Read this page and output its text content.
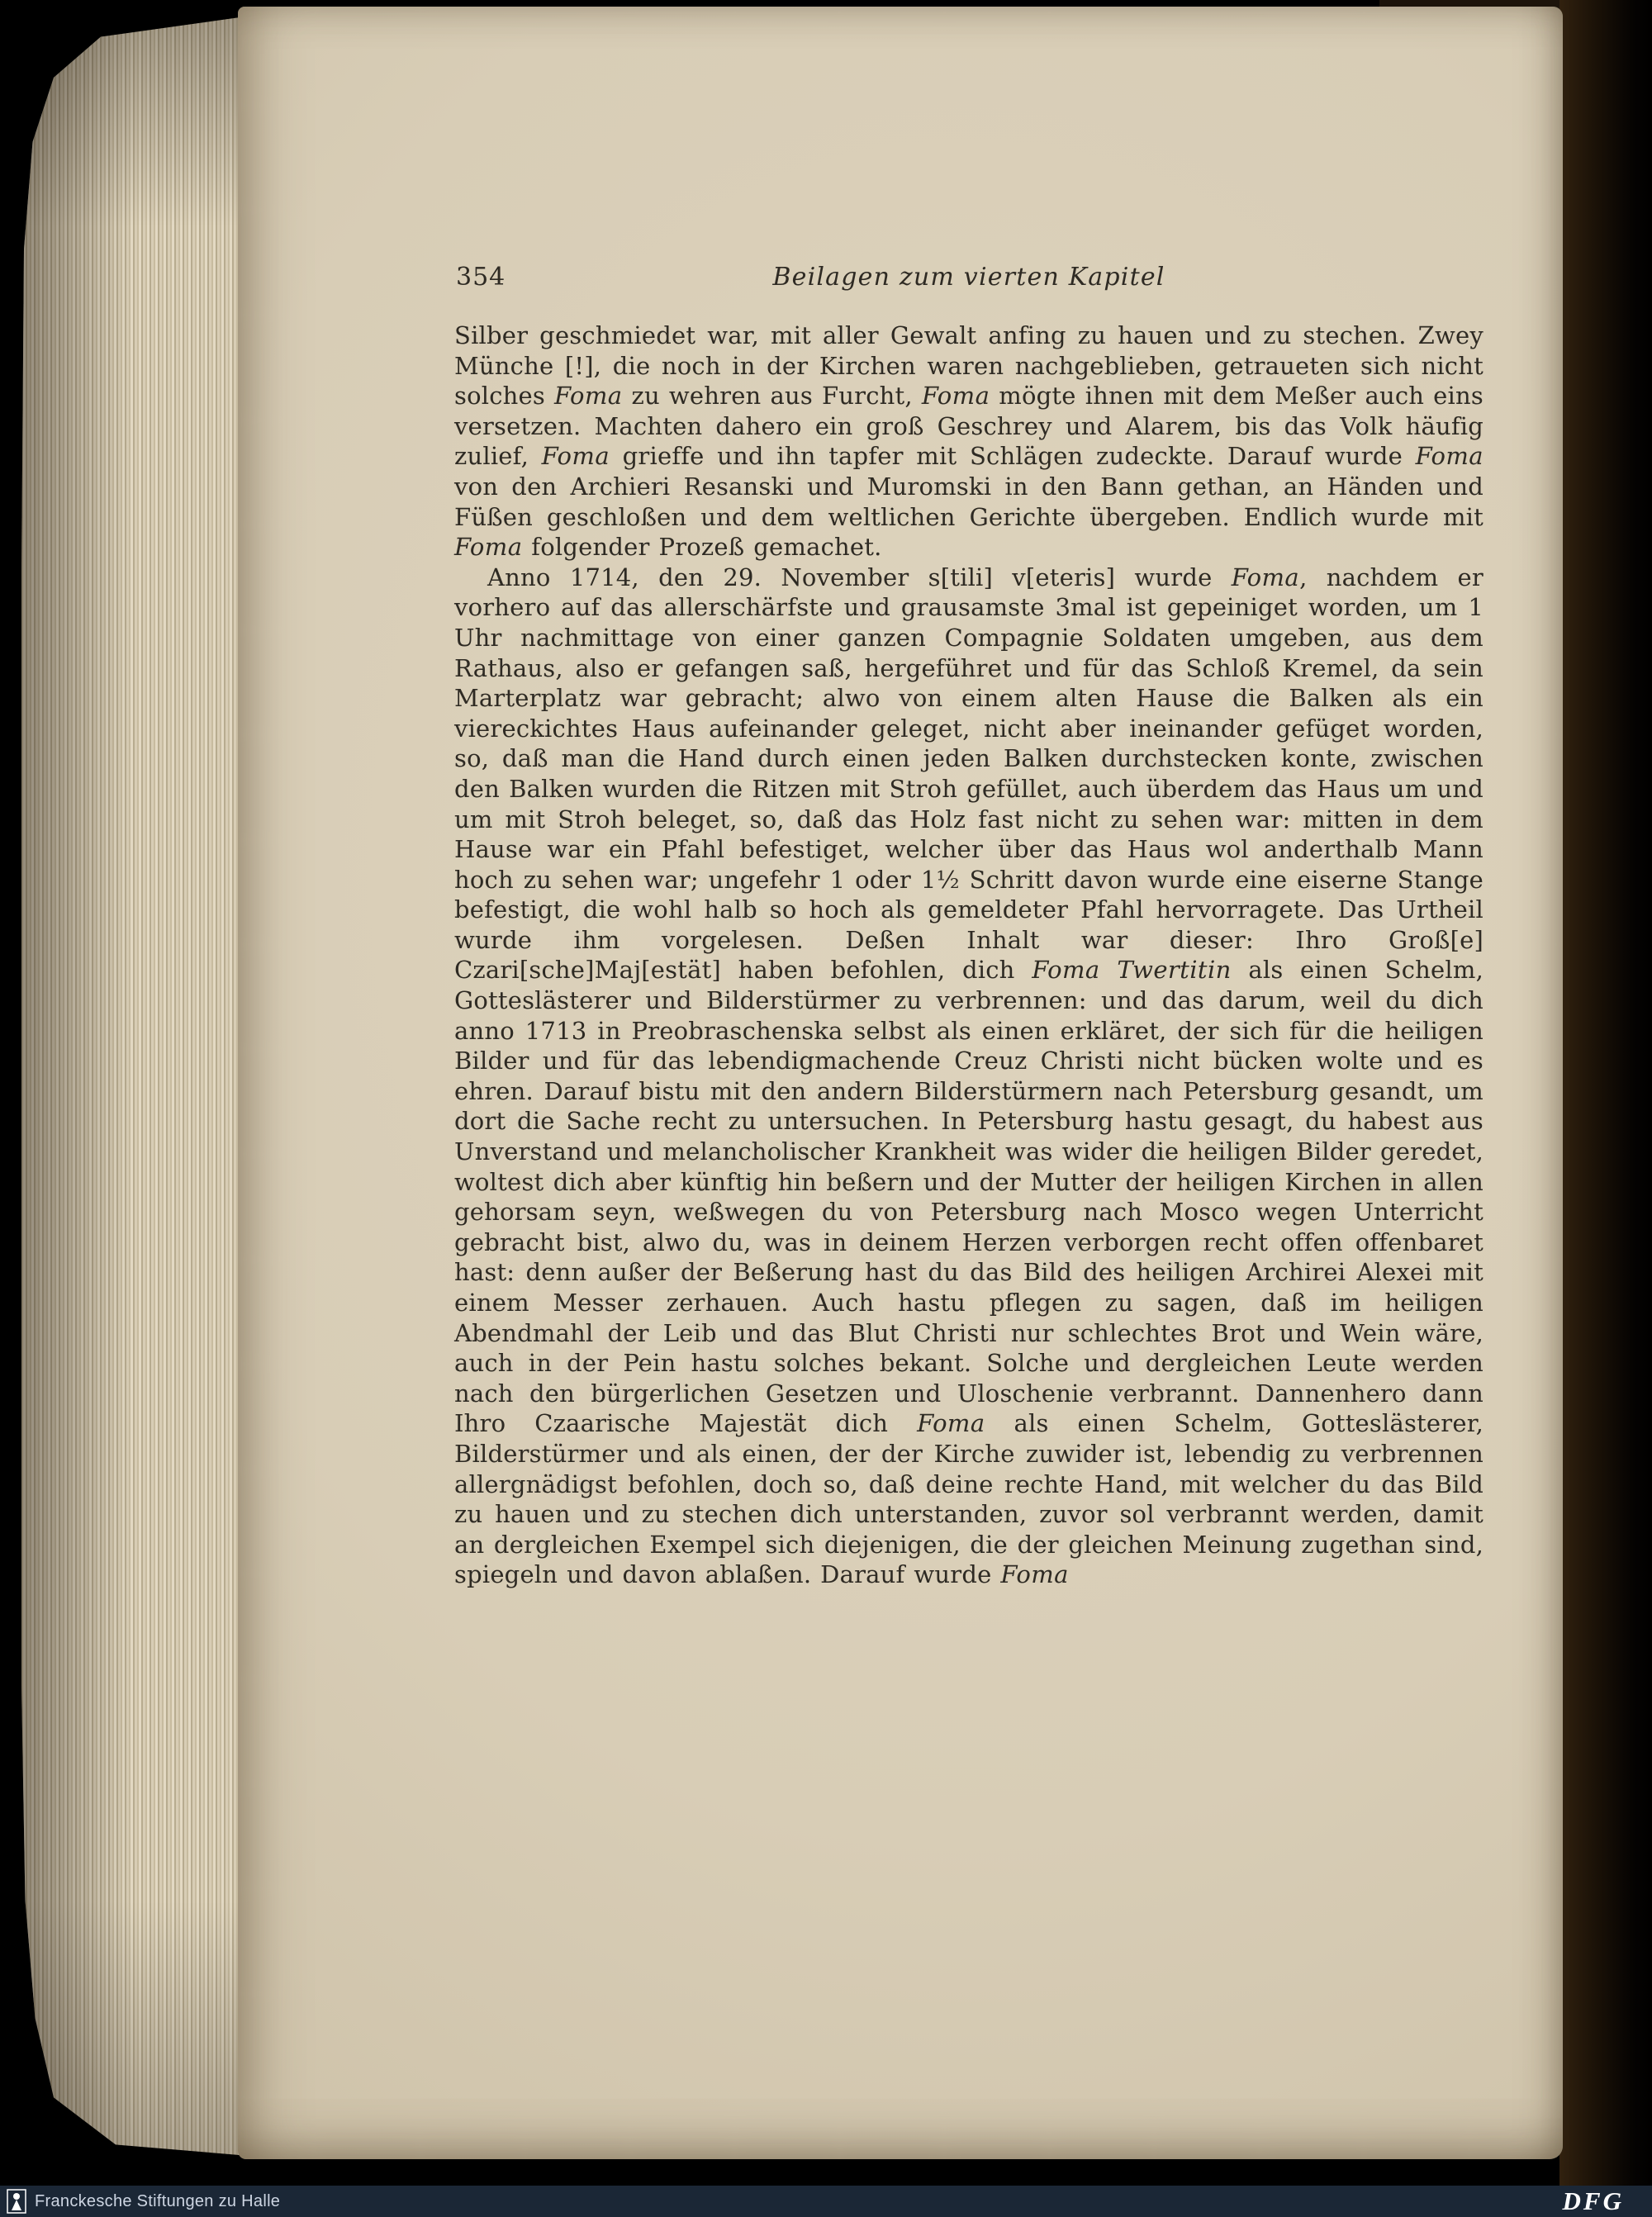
354	Beilagen zum vierten Kapitel

Silber geschmiedet war, mit aller Gewalt anfing zu hauen und zu stechen. Zwey Münche [!], die noch in der Kirchen waren nachgeblieben, getraueten sich nicht solches Foma zu wehren aus Furcht, Foma mögte ihnen mit dem Meßer auch eins versetzen. Machten dahero ein groß Geschrey und Alarem, bis das Volk häufig zulief, Foma grieffe und ihn tapfer mit Schlägen zudeckte. Darauf wurde Foma von den Archieri Resanski und Muromski in den Bann gethan, an Händen und Füßen geschloßen und dem weltlichen Gerichte übergeben. Endlich wurde mit Foma folgender Prozeß gemachet.

Anno 1714, den 29. November s[tili] v[eteris] wurde Foma, nachdem er vorhero auf das allerschärfste und grausamste 3mal ist gepeiniget worden, um 1 Uhr nachmittage von einer ganzen Compagnie Soldaten umgeben, aus dem Rathaus, also er gefangen saß, hergeführet und für das Schloß Kremel, da sein Marterplatz war gebracht; alwo von einem alten Hause die Balken als ein viereckichtes Haus aufeinander geleget, nicht aber ineinander gefüget worden, so, daß man die Hand durch einen jeden Balken durchstecken konte, zwischen den Balken wurden die Ritzen mit Stroh gefüllet, auch überdem das Haus um und um mit Stroh beleget, so, daß das Holz fast nicht zu sehen war: mitten in dem Hause war ein Pfahl befestiget, welcher über das Haus wol anderthalb Mann hoch zu sehen war; ungefehr 1 oder 1½ Schritt davon wurde eine eiserne Stange befestigt, die wohl halb so hoch als gemeldeter Pfahl hervorragete. Das Urtheil wurde ihm vorgelesen. Deßen Inhalt war dieser: Ihro Groß[e] Czari[sche]Maj[estät] haben befohlen, dich Foma Twertitin als einen Schelm, Gotteslästerer und Bilderstürmer zu verbrennen: und das darum, weil du dich anno 1713 in Preobraschenska selbst als einen erkläret, der sich für die heiligen Bilder und für das lebendigmachende Creuz Christi nicht bücken wolte und es ehren. Darauf bistu mit den andern Bilderstürmern nach Petersburg gesandt, um dort die Sache recht zu untersuchen. In Petersburg hastu gesagt, du habest aus Unverstand und melancholischer Krankheit was wider die heiligen Bilder geredet, woltest dich aber künftig hin beßern und der Mutter der heiligen Kirchen in allen gehorsam seyn, weßwegen du von Petersburg nach Mosco wegen Unterricht gebracht bist, alwo du, was in deinem Herzen verborgen recht offen offenbaret hast: denn außer der Beßerung hast du das Bild des heiligen Archirei Alexei mit einem Messer zerhauen. Auch hastu pflegen zu sagen, daß im heiligen Abendmahl der Leib und das Blut Christi nur schlechtes Brot und Wein wäre, auch in der Pein hastu solches bekant. Solche und dergleichen Leute werden nach den bürgerlichen Gesetzen und Uloschenie verbrannt. Dannenhero dann Ihro Czaarische Majestät dich Foma als einen Schelm, Gotteslästerer, Bilderstürmer und als einen, der der Kirche zuwider ist, lebendig zu verbrennen allergnädigst befohlen, doch so, daß deine rechte Hand, mit welcher du das Bild zu hauen und zu stechen dich unterstanden, zuvor sol verbrannt werden, damit an dergleichen Exempel sich diejenigen, die der gleichen Meinung zugethan sind, spiegeln und davon ablaßen. Darauf wurde Foma

Franckesche Stiftungen zu Halle	DFG
